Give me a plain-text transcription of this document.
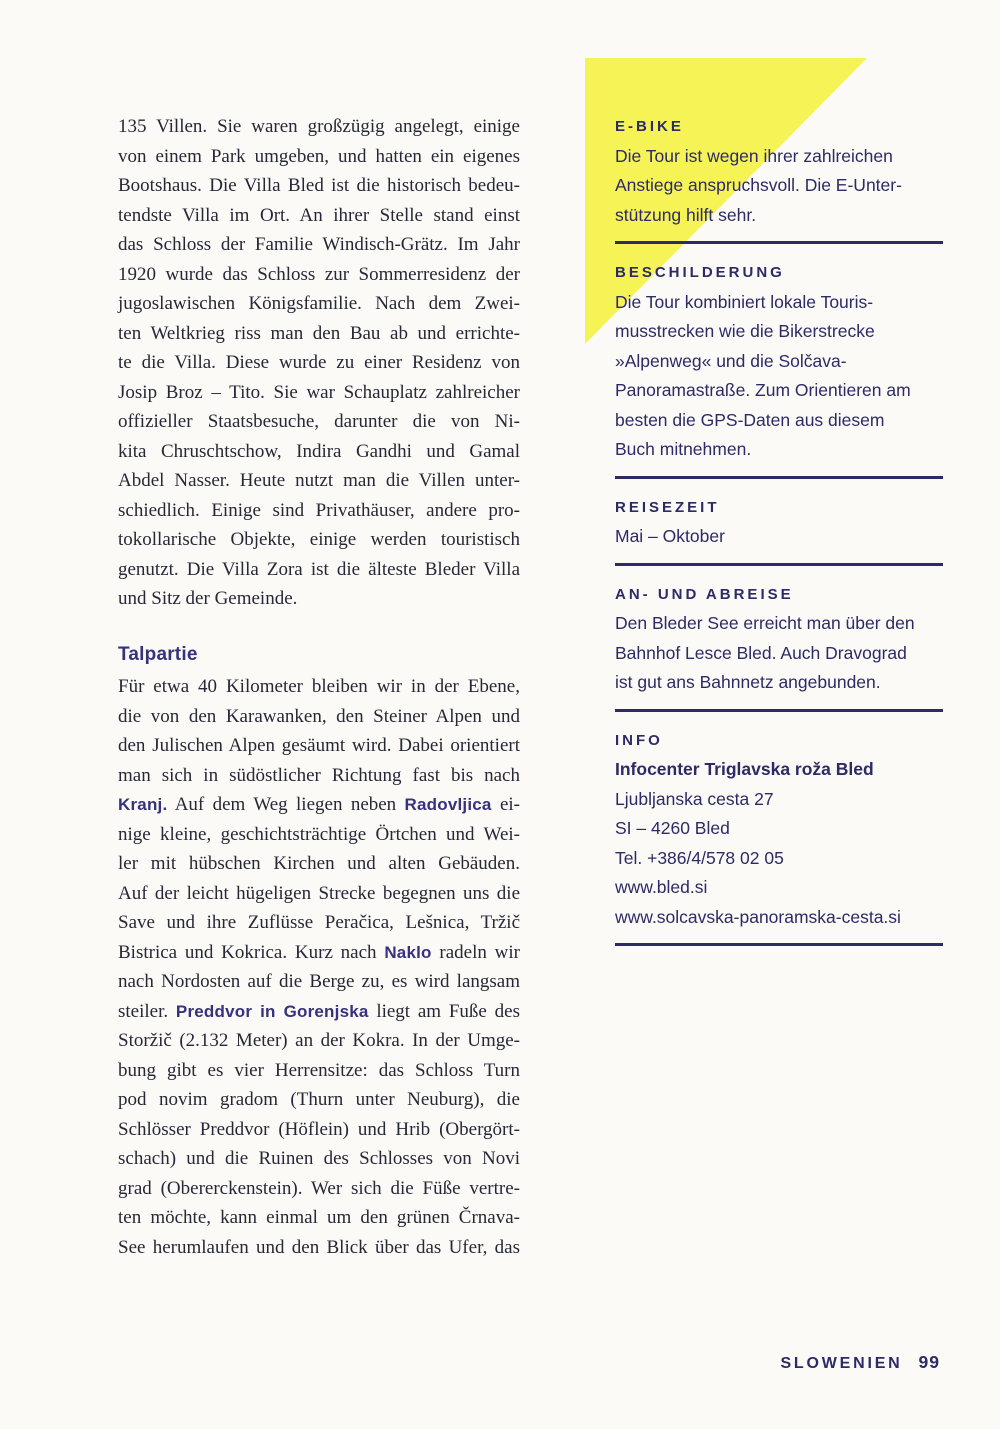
135 Villen. Sie waren großzügig angelegt, einige
von einem Park umgeben, und hatten ein eigenes
Bootshaus. Die Villa Bled ist die historisch bedeu-
tendste Villa im Ort. An ihrer Stelle stand einst
das Schloss der Familie Windisch-Grätz. Im Jahr
1920 wurde das Schloss zur Sommerresidenz der
jugoslawischen Königsfamilie. Nach dem Zwei-
ten Weltkrieg riss man den Bau ab und errichte-
te die Villa. Diese wurde zu einer Residenz von
Josip Broz – Tito. Sie war Schauplatz zahlreicher
offizieller Staatsbesuche, darunter die von Ni-
kita Chruschtschow, Indira Gandhi und Gamal
Abdel Nasser. Heute nutzt man die Villen unter-
schiedlich. Einige sind Privathäuser, andere pro-
tokollarische Objekte, einige werden touristisch
genutzt. Die Villa Zora ist die älteste Bleder Villa
und Sitz der Gemeinde.
Talpartie
Für etwa 40 Kilometer bleiben wir in der Ebene,
die von den Karawanken, den Steiner Alpen und
den Julischen Alpen gesäumt wird. Dabei orientiert
man sich in südöstlicher Richtung fast bis nach
Kranj. Auf dem Weg liegen neben Radovljica ei-
nige kleine, geschichtsträchtige Örtchen und Wei-
ler mit hübschen Kirchen und alten Gebäuden.
Auf der leicht hügeligen Strecke begegnen uns die
Save und ihre Zuflüsse Peračica, Lešnica, Tržič
Bistrica und Kokrica. Kurz nach Naklo radeln wir
nach Nordosten auf die Berge zu, es wird langsam
steiler. Preddvor in Gorenjska liegt am Fuße des
Storžič (2.132 Meter) an der Kokra. In der Umge-
bung gibt es vier Herrensitze: das Schloss Turn
pod novim gradom (Thurn unter Neuburg), die
Schlösser Preddvor (Höflein) und Hrib (Obergört-
schach) und die Ruinen des Schlosses von Novi
grad (Obererckenstein). Wer sich die Füße vertre-
ten möchte, kann einmal um den grünen Črnava-
See herumlaufen und den Blick über das Ufer, das
E-BIKE
Die Tour ist wegen ihrer zahlreichen
Anstiege anspruchsvoll. Die E-Unter-
stützung hilft sehr.
BESCHILDERUNG
Die Tour kombiniert lokale Touris-
musstrecken wie die Bikerstrecke
»Alpenweg« und die Solčava-
Panoramastraße. Zum Orientieren am
besten die GPS-Daten aus diesem
Buch mitnehmen.
REISEZEIT
Mai – Oktober
AN- UND ABREISE
Den Bleder See erreicht man über den
Bahnhof Lesce Bled. Auch Dravograd
ist gut ans Bahnnetz angebunden.
INFO
Infocenter Triglavska roža Bled
Ljubljanska cesta 27
SI – 4260 Bled
Tel. +386/4/578 02 05
www.bled.si
www.solcavska-panoramska-cesta.si
SLOWENIEN 99
